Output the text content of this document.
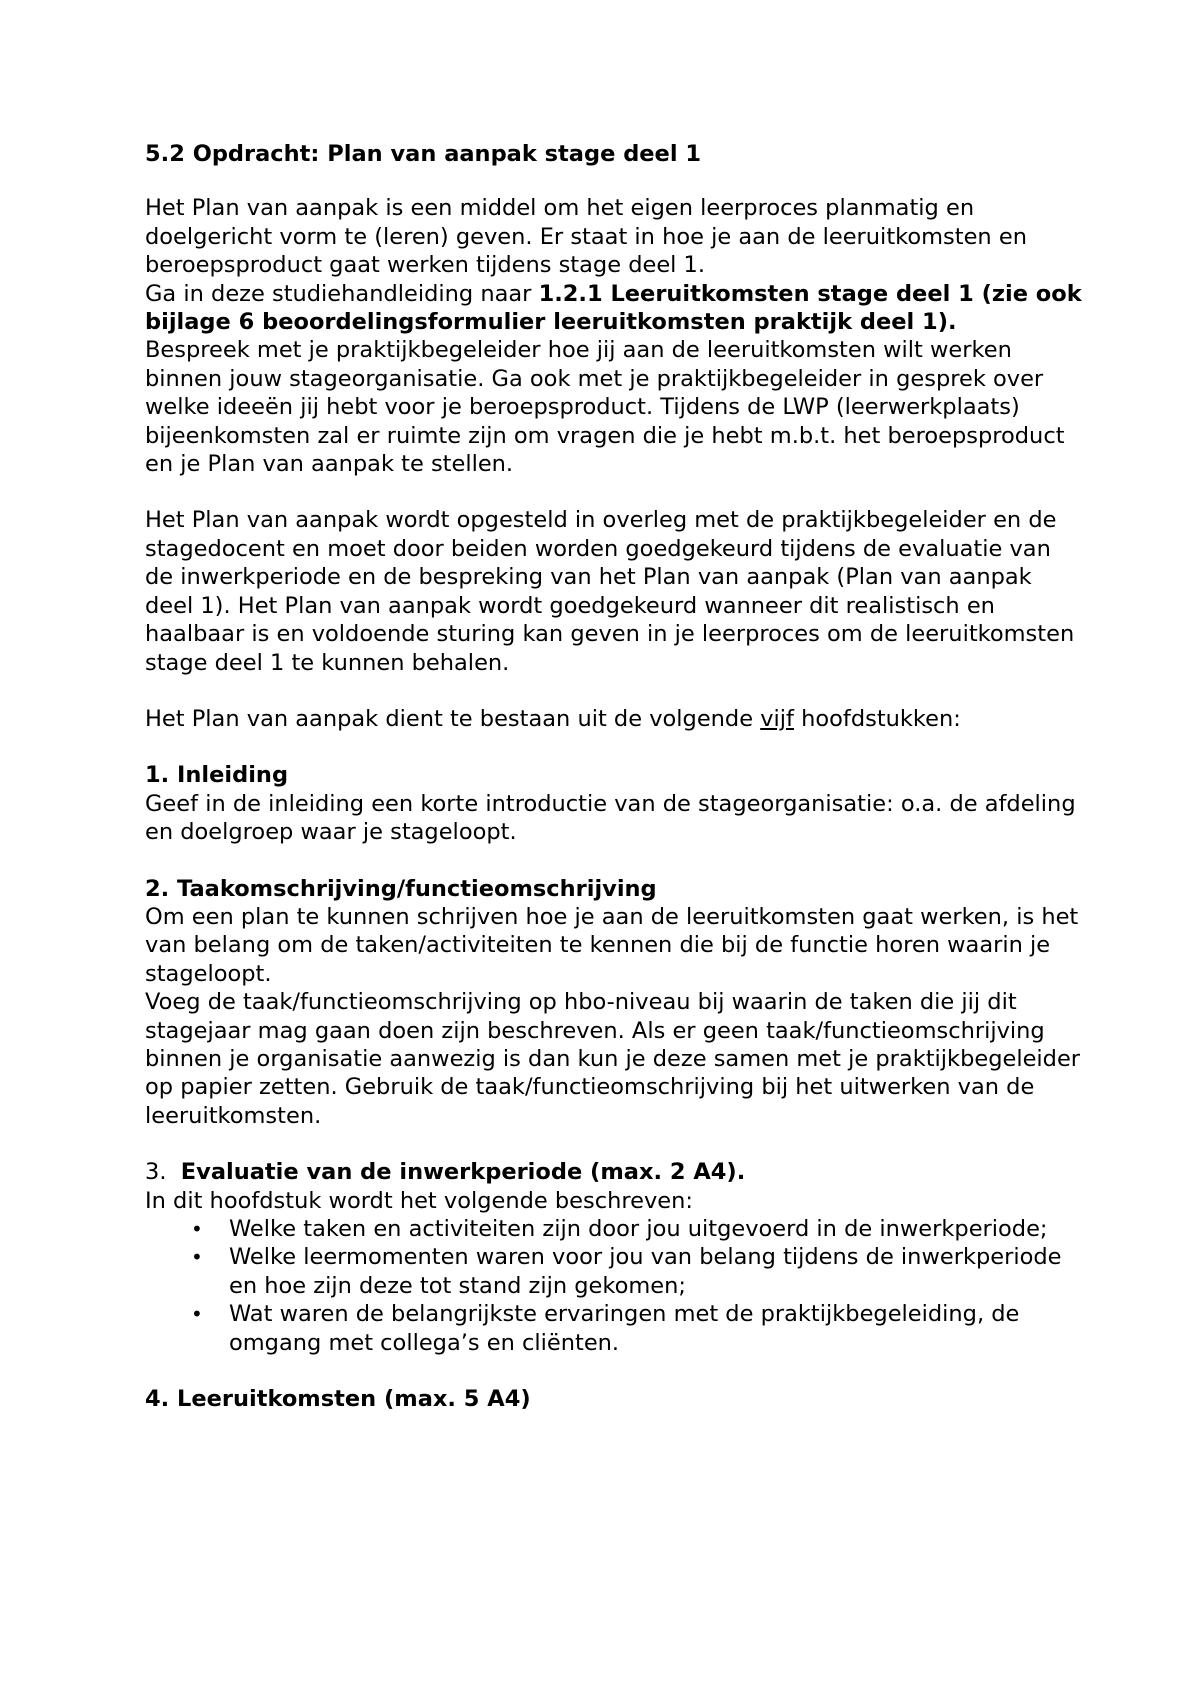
5.2 Opdracht: Plan van aanpak stage deel 1

Het Plan van aanpak is een middel om het eigen leerproces planmatig en doelgericht vorm te (leren) geven. Er staat in hoe je aan de leeruitkomsten en beroepsproduct gaat werken tijdens stage deel 1.

Ga in deze studiehandleiding naar 1.2.1 Leeruitkomsten stage deel 1 (zie ook bijlage 6 beoordelingsformulier leeruitkomsten praktijk deel 1).

Bespreek met je praktijkbegeleider hoe jij aan de leeruitkomsten wilt werken binnen jouw stageorganisatie. Ga ook met je praktijkbegeleider in gesprek over welke ideeën jij hebt voor je beroepsproduct. Tijdens de LWP (leerwerkplaats) bijeenkomsten zal er ruimte zijn om vragen die je hebt m.b.t. het beroepsproduct en je Plan van aanpak te stellen.

Het Plan van aanpak wordt opgesteld in overleg met de praktijkbegeleider en de stagedocent en moet door beiden worden goedgekeurd tijdens de evaluatie van de inwerkperiode en de bespreking van het Plan van aanpak (Plan van aanpak deel 1). Het Plan van aanpak wordt goedgekeurd wanneer dit realistisch en haalbaar is en voldoende sturing kan geven in je leerproces om de leeruitkomsten stage deel 1 te kunnen behalen.

Het Plan van aanpak dient te bestaan uit de volgende vijf hoofdstukken:

1. Inleiding

Geef in de inleiding een korte introductie van de stageorganisatie: o.a. de afdeling en doelgroep waar je stageloopt.

2. Taakomschrijving/functieomschrijving

Om een plan te kunnen schrijven hoe je aan de leeruitkomsten gaat werken, is het van belang om de taken/activiteiten te kennen die bij de functie horen waarin je stageloopt.

Voeg de taak/functieomschrijving op hbo-niveau bij waarin de taken die jij dit stagejaar mag gaan doen zijn beschreven. Als er geen taak/functieomschrijving binnen je organisatie aanwezig is dan kun je deze samen met je praktijkbegeleider op papier zetten. Gebruik de taak/functieomschrijving bij het uitwerken van de leeruitkomsten.

3. Evaluatie van de inwerkperiode (max. 2 A4).

In dit hoofdstuk wordt het volgende beschreven:

• Welke taken en activiteiten zijn door jou uitgevoerd in de inwerkperiode;
• Welke leermomenten waren voor jou van belang tijdens de inwerkperiode en hoe zijn deze tot stand zijn gekomen;
• Wat waren de belangrijkste ervaringen met de praktijkbegeleiding, de omgang met collega’s en cliënten.

4. Leeruitkomsten (max. 5 A4)
